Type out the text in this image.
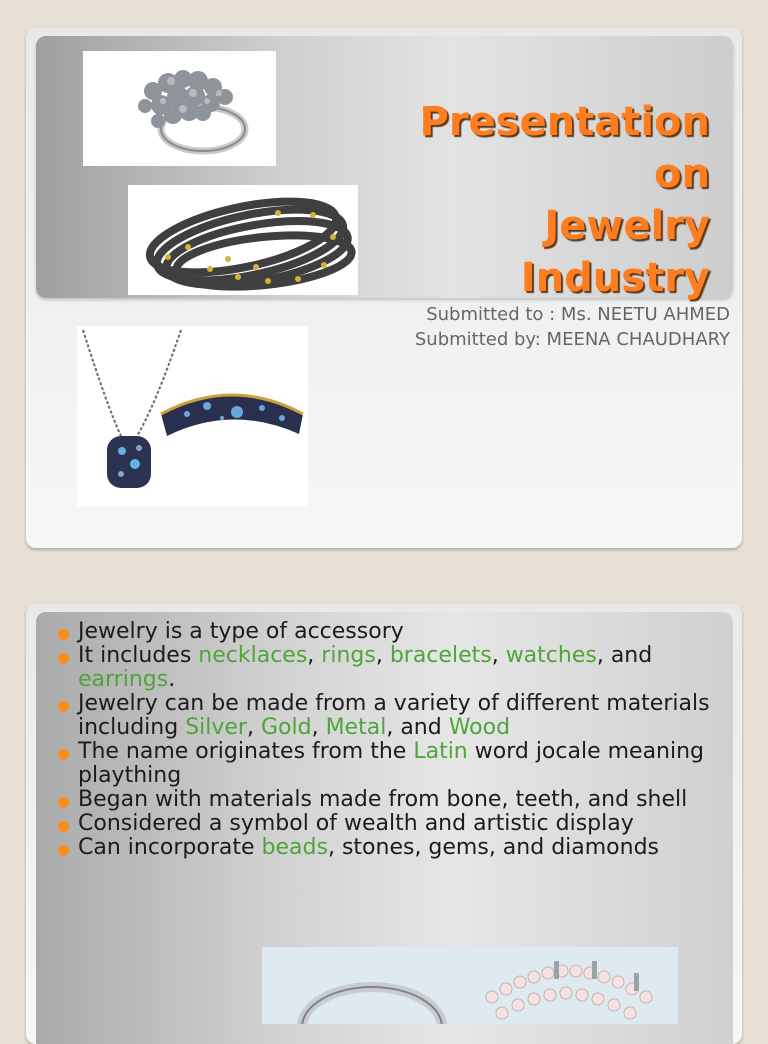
Presentation
on
Jewelry
Industry
Submitted to : Ms. NEETU AHMED
Submitted by: MEENA CHAUDHARY
Jewelry is a type of accessory
It includes necklaces, rings, bracelets, watches, and earrings.
Jewelry can be made from a variety of different materials including Silver, Gold, Metal, and Wood
The name originates from the Latin word jocale meaning plaything
Began with materials made from bone, teeth, and shell
Considered a symbol of wealth and artistic display
Can incorporate beads, stones, gems, and diamonds
